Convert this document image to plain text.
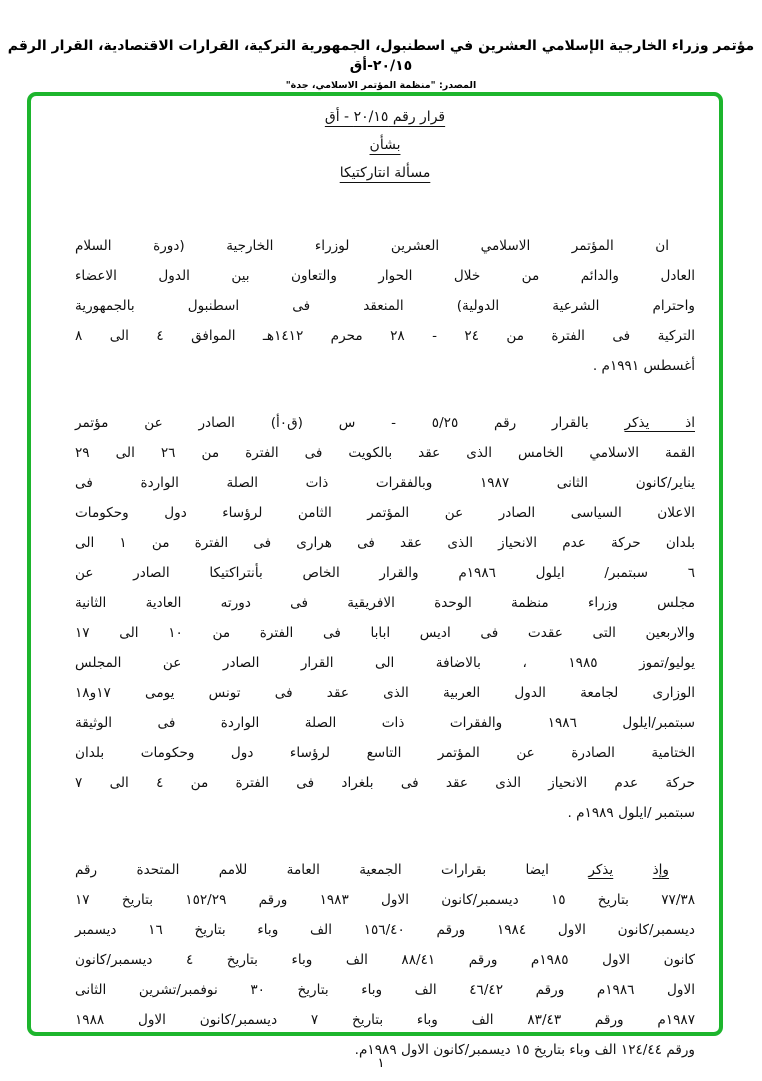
مؤتمر وزراء الخارجية الإسلامي العشرين في اسطنبول، الجمهورية التركية، القرارات الاقتصادية، القرار الرقم ٢٠/١٥-أق
المصدر: "منظمة المؤتمر الاسلامي، جدة"
قرار رقم ٢٠/١٥ - أق
بشأن
مسألة انتاركتيكا
ان المؤتمر الاسلامي العشرين لوزراء الخارجية (دورة السلام
العادل والدائم من خلال الحوار والتعاون بين الدول الاعضاء
واحترام الشرعية الدولية) المنعقد فى اسطنبول بالجمهورية
التركية فى الفترة من ٢٤ - ٢٨ محرم ١٤١٢هـ الموافق ٤ الى ٨
أغسطس ١٩٩١م .
اذ يذكر بالقرار رقم ٥/٢٥ - س (ق٠أ) الصادر عن مؤتمر
القمة الاسلامي الخامس الذى عقد بالكويت فى الفترة من ٢٦ الى ٢٩
يناير/كانون الثانى ١٩٨٧ وبالفقرات ذات الصلة الواردة فى
الاعلان السياسى الصادر عن المؤتمر الثامن لرؤساء دول وحكومات
بلدان حركة عدم الانحياز الذى عقد فى هرارى فى الفترة من ١ الى
٦ سبتمبر/ ايلول ١٩٨٦م والقرار الخاص بأنتراكتيكا الصادر عن
مجلس وزراء منظمة الوحدة الافريقية فى دورته العادية الثانية
والاربعين التى عقدت فى اديس ابابا فى الفترة من ١٠ الى ١٧
يوليو/تموز ١٩٨٥ ، بالاضافة الى القرار الصادر عن المجلس
الوزارى لجامعة الدول العربية الذى عقد فى تونس يومى ١٧و١٨
سبتمبر/ايلول ١٩٨٦ والفقرات ذات الصلة الواردة فى الوثيقة
الختامية الصادرة عن المؤتمر التاسع لرؤساء دول وحكومات بلدان
حركة عدم الانحياز الذى عقد فى بلغراد فى الفترة من ٤ الى ٧
سبتمبر /ايلول ١٩٨٩م .
وإذ يذكر ايضا بقرارات الجمعية العامة للامم المتحدة رقم
٧٧/٣٨ بتاريخ ١٥ ديسمبر/كانون الاول ١٩٨٣ ورقم ١٥٢/٢٩ بتاريخ ١٧
ديسمبر/كانون الاول ١٩٨٤ ورقم ١٥٦/٤٠ الف وباء بتاريخ ١٦ ديسمبر
كانون الاول ١٩٨٥م ورقم ٨٨/٤١ الف وباء بتاريخ ٤ ديسمبر/كانون
الاول ١٩٨٦م ورقم ٤٦/٤٢ الف وباء بتاريخ ٣٠ نوفمبر/تشرين الثانى
١٩٨٧م ورقم ٨٣/٤٣ الف وباء بتاريخ ٧ ديسمبر/كانون الاول ١٩٨٨
ورقم ١٢٤/٤٤ الف وباء بتاريخ ١٥ ديسمبر/كانون الاول ١٩٨٩م.
١
